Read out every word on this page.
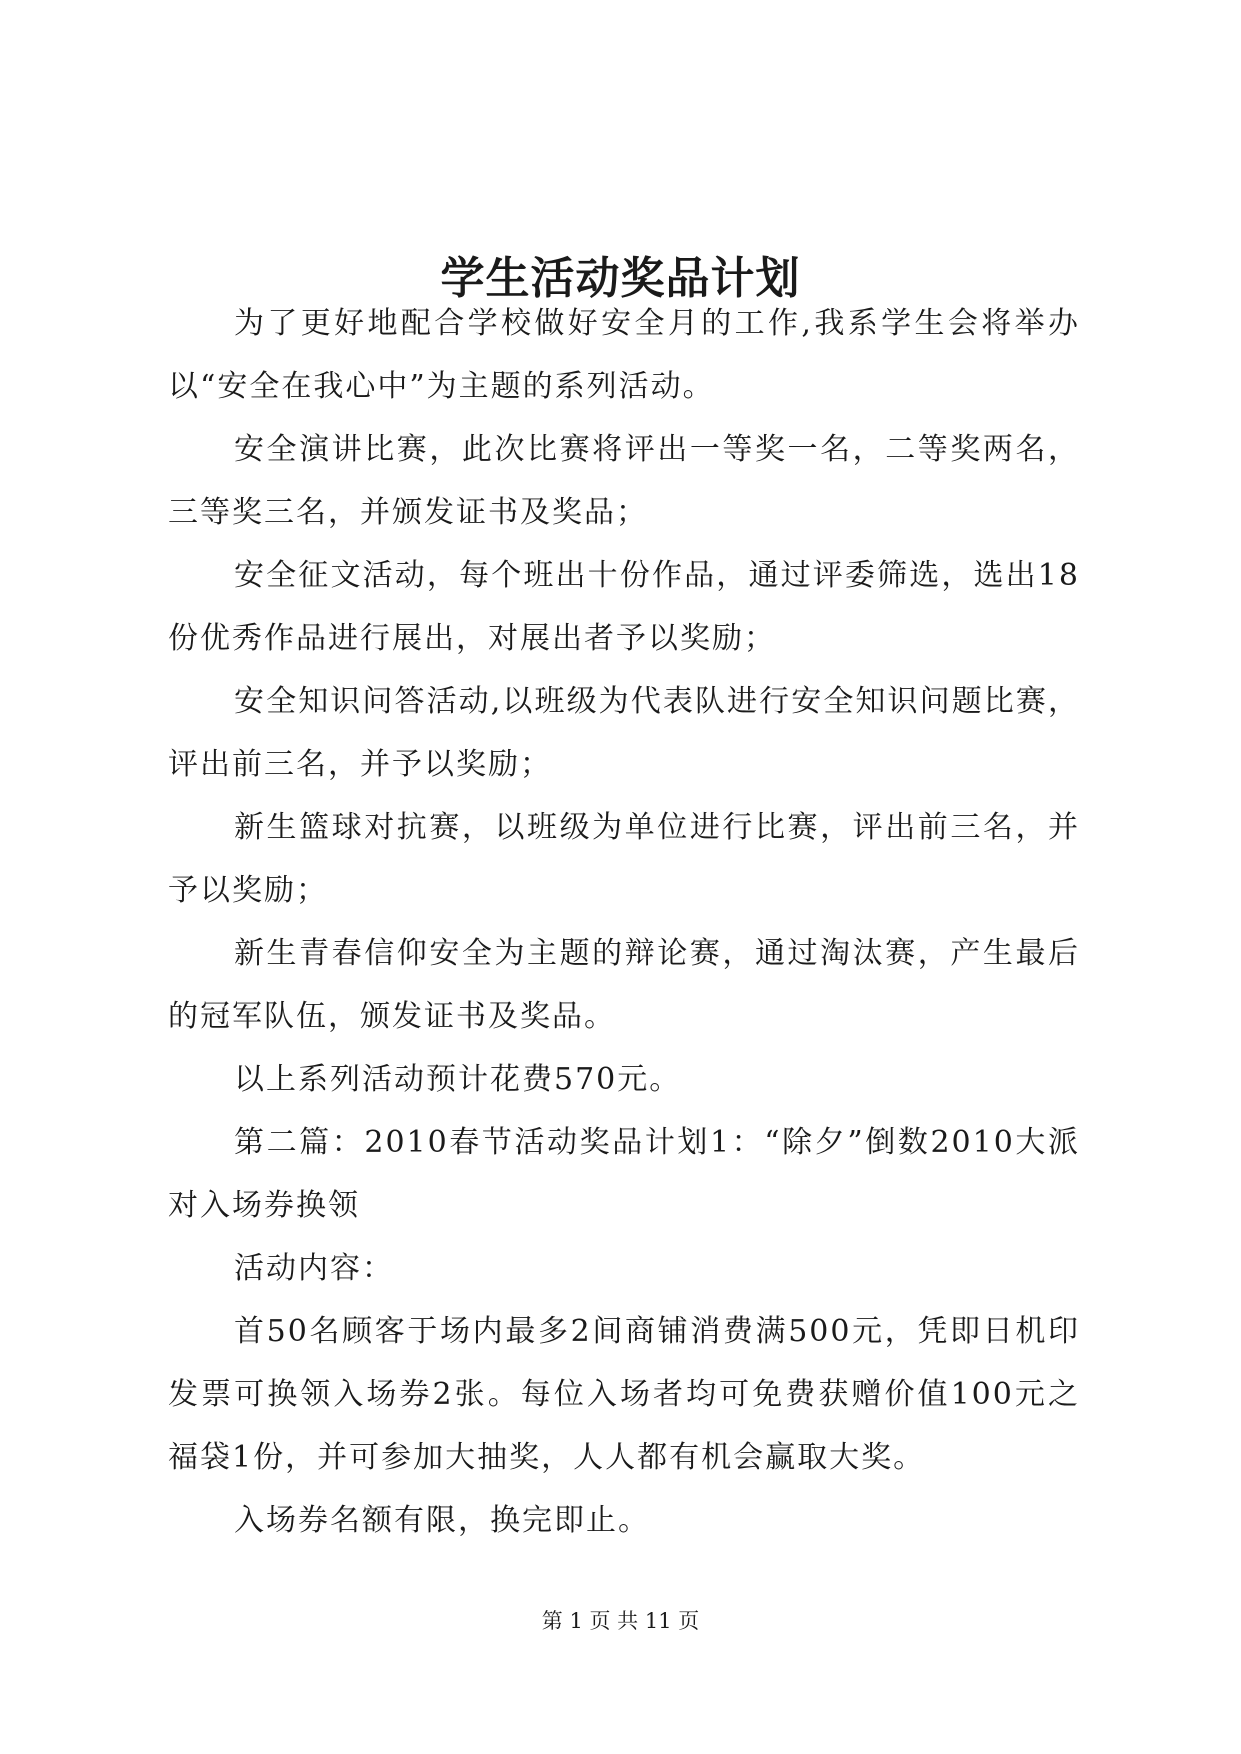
学生活动奖品计划

为了更好地配合学校做好安全月的工作,我系学生会将举办以“安全在我心中”为主题的系列活动。

安全演讲比赛，此次比赛将评出一等奖一名，二等奖两名，三等奖三名，并颁发证书及奖品；

安全征文活动，每个班出十份作品，通过评委筛选，选出18份优秀作品进行展出，对展出者予以奖励；

安全知识问答活动,以班级为代表队进行安全知识问题比赛，评出前三名，并予以奖励；

新生篮球对抗赛，以班级为单位进行比赛，评出前三名，并予以奖励；

新生青春信仰安全为主题的辩论赛，通过淘汰赛，产生最后的冠军队伍，颁发证书及奖品。

以上系列活动预计花费570元。

第二篇：2010春节活动奖品计划1：“除夕”倒数2010大派对入场券换领

活动内容：

首50名顾客于场内最多2间商铺消费满500元，凭即日机印发票可换领入场券2张。每位入场者均可免费获赠价值100元之福袋1份，并可参加大抽奖，人人都有机会赢取大奖。

入场券名额有限，换完即止。

第 1 页 共 11 页
